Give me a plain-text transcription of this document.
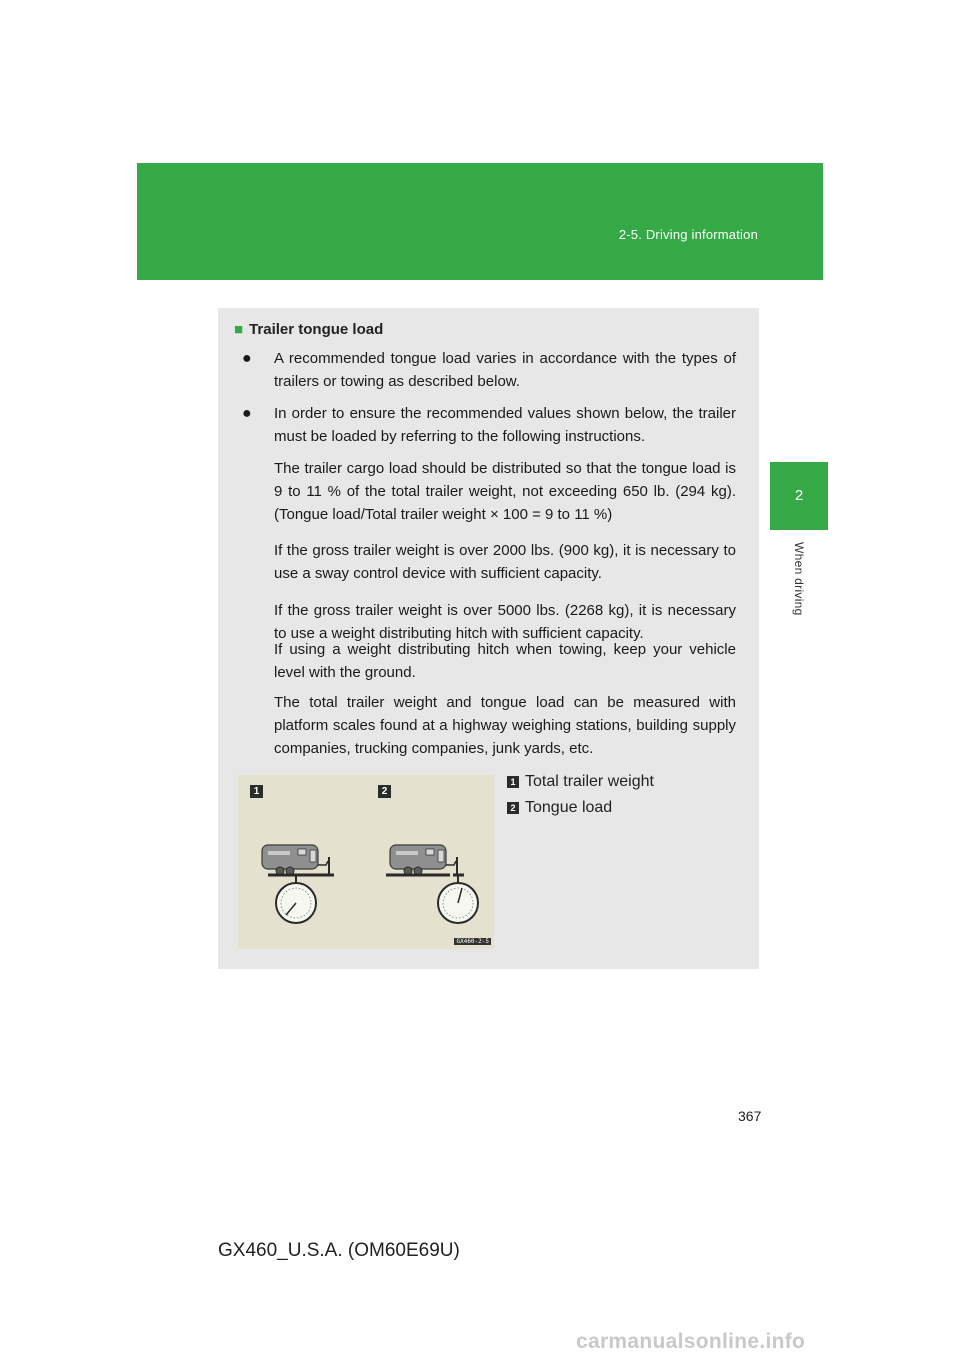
2-5. Driving information
2
When driving
■ Trailer tongue load
●	A recommended tongue load varies in accordance with the types of trailers or towing as described below.
●	In order to ensure the recommended values shown below, the trailer must be loaded by referring to the following instructions.
The trailer cargo load should be distributed so that the tongue load is 9 to 11 % of the total trailer weight, not exceeding 650 lb. (294 kg). (Tongue load/Total trailer weight × 100 = 9 to 11 %)
If the gross trailer weight is over 2000 lbs. (900 kg), it is necessary to use a sway control device with sufficient capacity.
If the gross trailer weight is over 5000 lbs. (2268 kg), it is necessary to use a weight distributing hitch with sufficient capacity.
If using a weight distributing hitch when towing, keep your vehicle level with the ground.
The total trailer weight and tongue load can be measured with platform scales found at a highway weighing stations, building supply companies, trucking companies, junk yards, etc.
1	2
GX460-2-5
1 Total trailer weight
2 Tongue load
367
GX460_U.S.A. (OM60E69U)
carmanualsonline.info
